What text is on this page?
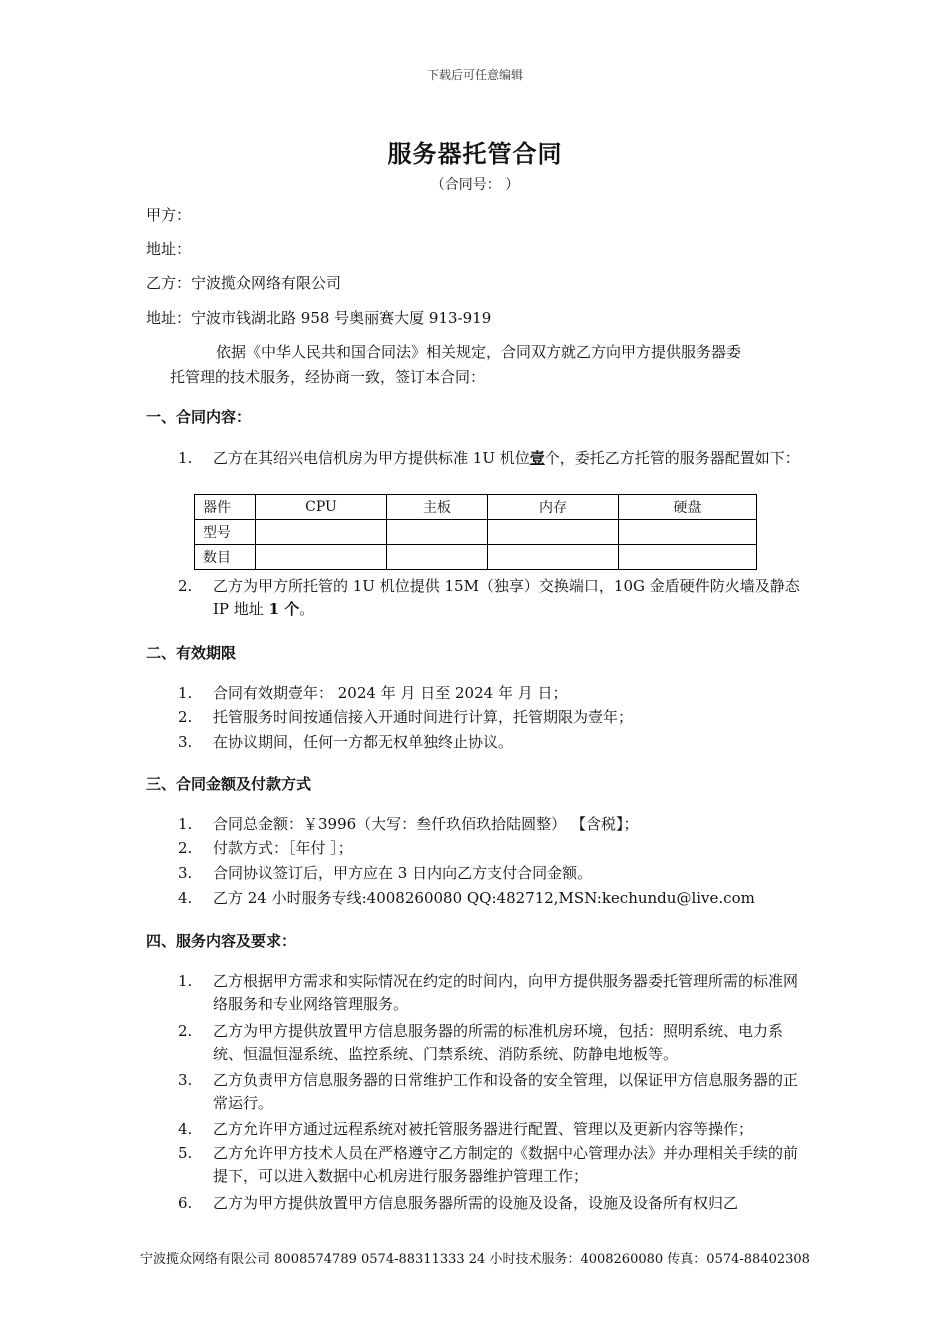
下载后可任意编辑
服务器托管合同
（合同号： ）
甲方：
地址：
乙方：宁波揽众网络有限公司
地址：宁波市钱湖北路 958 号奥丽赛大厦 913-919
依据《中华人民共和国合同法》相关规定，合同双方就乙方向甲方提供服务器委
托管理的技术服务，经协商一致，签订本合同：
一、合同内容：
1.	乙方在其绍兴电信机房为甲方提供标准 1U 机位壹个，委托乙方托管的服务器配置如下：
器件	CPU	主板	内存	硬盘
型号				
数目				
2.	乙方为甲方所托管的 1U 机位提供 15M（独享）交换端口，10G 金盾硬件防火墙及静态 IP 地址 1 个。
二、有效期限
1.	合同有效期壹年： 2024 年 月 日至 2024 年 月 日；
2.	托管服务时间按通信接入开通时间进行计算，托管期限为壹年；
3.	在协议期间，任何一方都无权单独终止协议。
三、合同金额及付款方式
1.	合同总金额：￥3996（大写：叁仟玖佰玖拾陆圆整） 【含税】；
2.	付款方式：［年付 ］；
3.	合同协议签订后，甲方应在 3 日内向乙方支付合同金额。
4.	乙方 24 小时服务专线:4008260080 QQ:482712,MSN:kechundu@live.com
四、服务内容及要求：
1.	乙方根据甲方需求和实际情况在约定的时间内，向甲方提供服务器委托管理所需的标准网络服务和专业网络管理服务。
2.	乙方为甲方提供放置甲方信息服务器的所需的标准机房环境，包括：照明系统、电力系统、恒温恒湿系统、监控系统、门禁系统、消防系统、防静电地板等。
3.	乙方负责甲方信息服务器的日常维护工作和设备的安全管理，以保证甲方信息服务器的正常运行。
4.	乙方允许甲方通过远程系统对被托管服务器进行配置、管理以及更新内容等操作；
5.	乙方允许甲方技术人员在严格遵守乙方制定的《数据中心管理办法》并办理相关手续的前提下，可以进入数据中心机房进行服务器维护管理工作；
6.	乙方为甲方提供放置甲方信息服务器所需的设施及设备，设施及设备所有权归乙
宁波揽众网络有限公司 8008574789 0574-88311333 24 小时技术服务：4008260080 传真：0574-88402308
